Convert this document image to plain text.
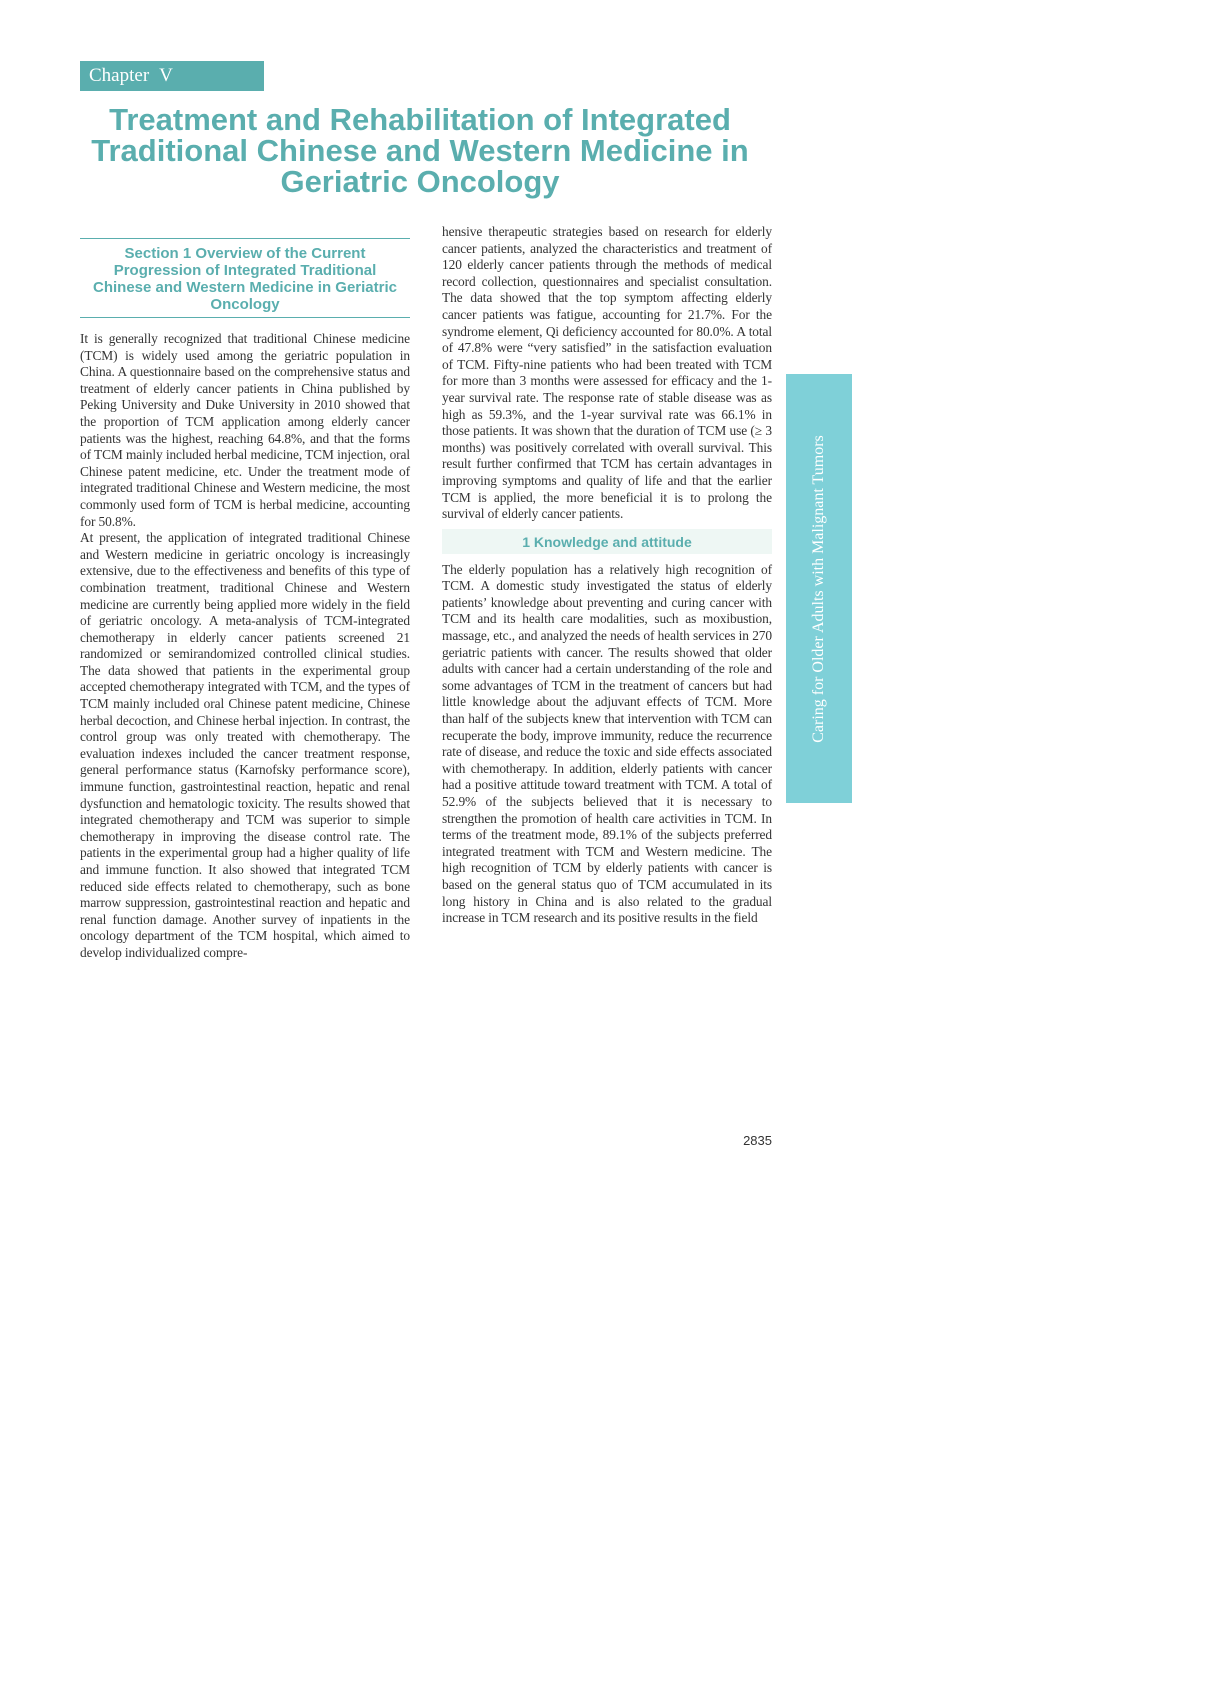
Chapter V
Treatment and Rehabilitation of Integrated Traditional Chinese and Western Medicine in Geriatric Oncology
Section 1 Overview of the Current Progression of Integrated Traditional Chinese and Western Medicine in Geriatric Oncology

It is generally recognized that traditional Chinese medicine (TCM) is widely used among the geriatric population in China. A questionnaire based on the comprehensive status and treatment of elderly cancer patients in China published by Peking University and Duke University in 2010 showed that the proportion of TCM application among elderly cancer patients was the highest, reaching 64.8%, and that the forms of TCM mainly included herbal medicine, TCM injection, oral Chinese patent medicine, etc. Under the treatment mode of integrated traditional Chinese and Western medicine, the most commonly used form of TCM is herbal medicine, accounting for 50.8%.

At present, the application of integrated traditional Chinese and Western medicine in geriatric oncology is increasingly extensive, due to the effectiveness and benefits of this type of combination treatment, traditional Chinese and Western medicine are currently being applied more widely in the field of geriatric oncology. A meta-analysis of TCM-integrated chemotherapy in elderly cancer patients screened 21 randomized or semirandomized controlled clinical studies. The data showed that patients in the experimental group accepted chemotherapy integrated with TCM, and the types of TCM mainly included oral Chinese patent medicine, Chinese herbal decoction, and Chinese herbal injection. In contrast, the control group was only treated with chemotherapy. The evaluation indexes included the cancer treatment response, general performance status (Karnofsky performance score), immune function, gastrointestinal reaction, hepatic and renal dysfunction and hematologic toxicity. The results showed that integrated chemotherapy and TCM was superior to simple chemotherapy in improving the disease control rate. The patients in the experimental group had a higher quality of life and immune function. It also showed that integrated TCM reduced side effects related to chemotherapy, such as bone marrow suppression, gastrointestinal reaction and hepatic and renal function damage. Another survey of inpatients in the oncology department of the TCM hospital, which aimed to develop individualized compre-

hensive therapeutic strategies based on research for elderly cancer patients, analyzed the characteristics and treatment of 120 elderly cancer patients through the methods of medical record collection, questionnaires and specialist consultation. The data showed that the top symptom affecting elderly cancer patients was fatigue, accounting for 21.7%. For the syndrome element, Qi deficiency accounted for 80.0%. A total of 47.8% were “very satisfied” in the satisfaction evaluation of TCM. Fifty-nine patients who had been treated with TCM for more than 3 months were assessed for efficacy and the 1-year survival rate. The response rate of stable disease was as high as 59.3%, and the 1-year survival rate was 66.1% in those patients. It was shown that the duration of TCM use (≥ 3 months) was positively correlated with overall survival. This result further confirmed that TCM has certain advantages in improving symptoms and quality of life and that the earlier TCM is applied, the more beneficial it is to prolong the survival of elderly cancer patients.

1 Knowledge and attitude

The elderly population has a relatively high recognition of TCM. A domestic study investigated the status of elderly patients’ knowledge about preventing and curing cancer with TCM and its health care modalities, such as moxibustion, massage, etc., and analyzed the needs of health services in 270 geriatric patients with cancer. The results showed that older adults with cancer had a certain understanding of the role and some advantages of TCM in the treatment of cancers but had little knowledge about the adjuvant effects of TCM. More than half of the subjects knew that intervention with TCM can recuperate the body, improve immunity, reduce the recurrence rate of disease, and reduce the toxic and side effects associated with chemotherapy. In addition, elderly patients with cancer had a positive attitude toward treatment with TCM. A total of 52.9% of the subjects believed that it is necessary to strengthen the promotion of health care activities in TCM. In terms of the treatment mode, 89.1% of the subjects preferred integrated treatment with TCM and Western medicine. The high recognition of TCM by elderly patients with cancer is based on the general status quo of TCM accumulated in its long history in China and is also related to the gradual increase in TCM research and its positive results in the field

Caring for Older Adults with Malignant Tumors
2835
